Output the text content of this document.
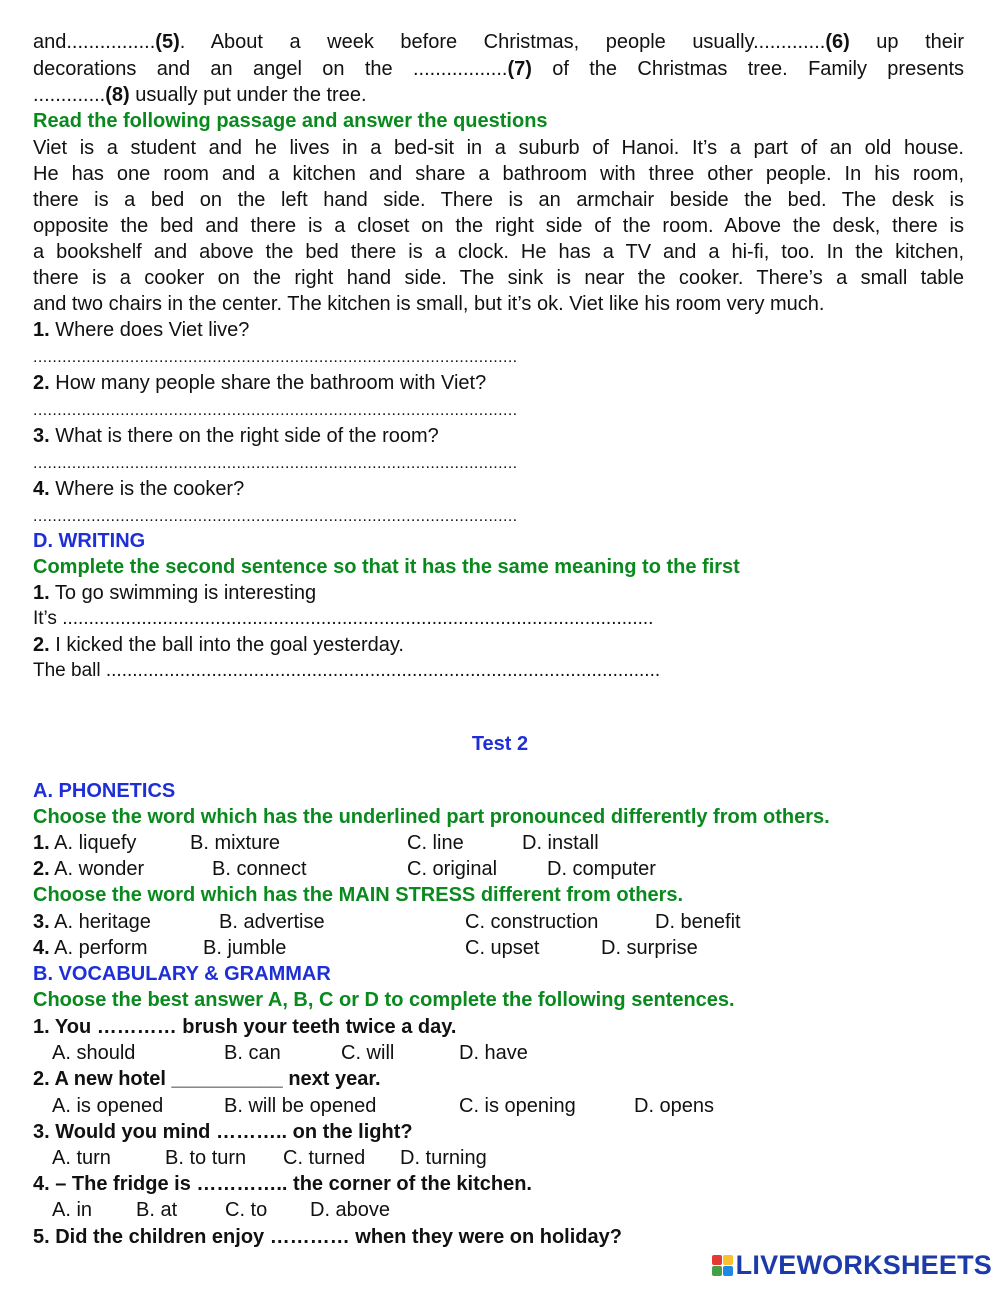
and................(5). About a week before Christmas, people usually.............(6) up their
decorations and an angel on the .................(7) of the Christmas tree. Family presents
.............(8) usually put under the tree.
Read the following passage and answer the questions
Viet is a student and he lives in a bed-sit in a suburb of Hanoi. It’s a part of an old house.
He has one room and a kitchen and share a bathroom with three other people. In his room,
there is a bed on the left hand side. There is an armchair beside the bed. The desk is
opposite the bed and there is a closet on the right side of the room. Above the desk, there is
a bookshelf and above the bed there is a clock. He has a TV and a hi-fi, too. In the kitchen,
there is a cooker on the right hand side. The sink is near the cooker. There’s a small table
and two chairs in the center. The kitchen is small, but it’s ok. Viet like his room very much.
1. Where does Viet live?
....................................................................................................
2. How many people share the bathroom with Viet?
....................................................................................................
3. What is there on the right side of the room?
....................................................................................................
4. Where is the cooker?
....................................................................................................
D. WRITING
Complete the second sentence so that it has the same meaning to the first
1. To go swimming is interesting
It’s ................................................................................................................
2. I kicked the ball into the goal yesterday.
The ball .........................................................................................................
Test 2
A. PHONETICS
Choose the word which has the underlined part pronounced differently from others.
1. A. liquefy	B. mixture	C. line	D. install
2. A. wonder	B. connect	C. original D. computer
Choose the word which has the MAIN STRESS different from others.
3. A. heritage	B. advertise	C. construction	D. benefit
4. A. perform	B. jumble	C. upset	D. surprise
B. VOCABULARY & GRAMMAR
Choose the best answer A, B, C or D to complete the following sentences.
1. You ………… brush your teeth twice a day.
A. should	B. can	C. will	D. have
2. A new hotel __________ next year.
A. is opened	B. will be opened	C. is opening	D. opens
3. Would you mind ……….. on the light?
A. turn	B. to turn C. turned D. turning
4. – The fridge is ………….. the corner of the kitchen.
A. in B. at C. to D. above
5. Did the children enjoy ………… when they were on holiday?
LIVEWORKSHEETS
